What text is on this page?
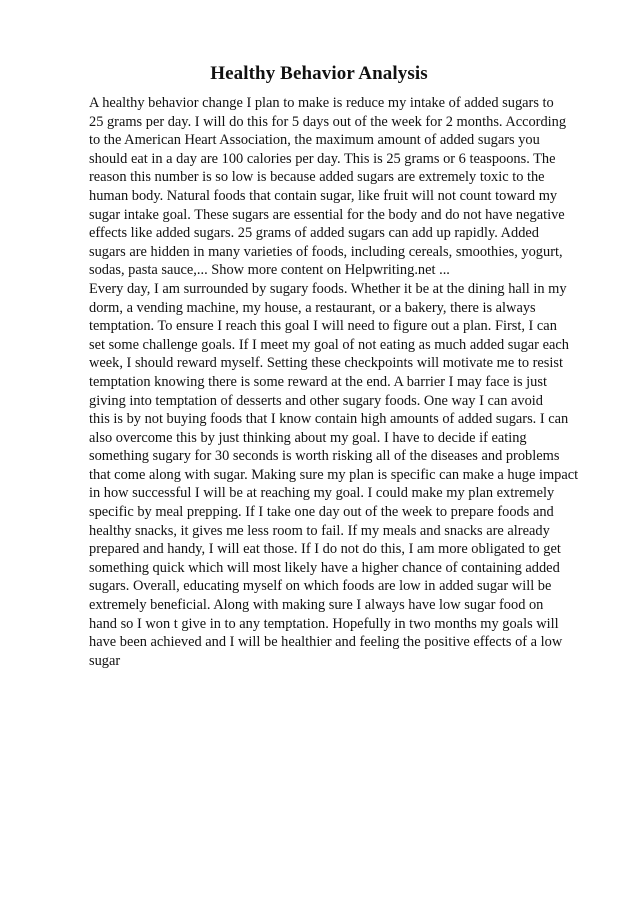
Healthy Behavior Analysis
A healthy behavior change I plan to make is reduce my intake of added sugars to
25 grams per day. I will do this for 5 days out of the week for 2 months. According
to the American Heart Association, the maximum amount of added sugars you
should eat in a day are 100 calories per day. This is 25 grams or 6 teaspoons. The
reason this number is so low is because added sugars are extremely toxic to the
human body. Natural foods that contain sugar, like fruit will not count toward my
sugar intake goal. These sugars are essential for the body and do not have negative
effects like added sugars. 25 grams of added sugars can add up rapidly. Added
sugars are hidden in many varieties of foods, including cereals, smoothies, yogurt,
sodas, pasta sauce,... Show more content on Helpwriting.net ...
Every day, I am surrounded by sugary foods. Whether it be at the dining hall in my
dorm, a vending machine, my house, a restaurant, or a bakery, there is always
temptation. To ensure I reach this goal I will need to figure out a plan. First, I can
set some challenge goals. If I meet my goal of not eating as much added sugar each
week, I should reward myself. Setting these checkpoints will motivate me to resist
temptation knowing there is some reward at the end. A barrier I may face is just
giving into temptation of desserts and other sugary foods. One way I can avoid
this is by not buying foods that I know contain high amounts of added sugars. I can
also overcome this by just thinking about my goal. I have to decide if eating
something sugary for 30 seconds is worth risking all of the diseases and problems
that come along with sugar. Making sure my plan is specific can make a huge impact
in how successful I will be at reaching my goal. I could make my plan extremely
specific by meal prepping. If I take one day out of the week to prepare foods and
healthy snacks, it gives me less room to fail. If my meals and snacks are already
prepared and handy, I will eat those. If I do not do this, I am more obligated to get
something quick which will most likely have a higher chance of containing added
sugars. Overall, educating myself on which foods are low in added sugar will be
extremely beneficial. Along with making sure I always have low sugar food on
hand so I won t give in to any temptation. Hopefully in two months my goals will
have been achieved and I will be healthier and feeling the positive effects of a low
sugar
